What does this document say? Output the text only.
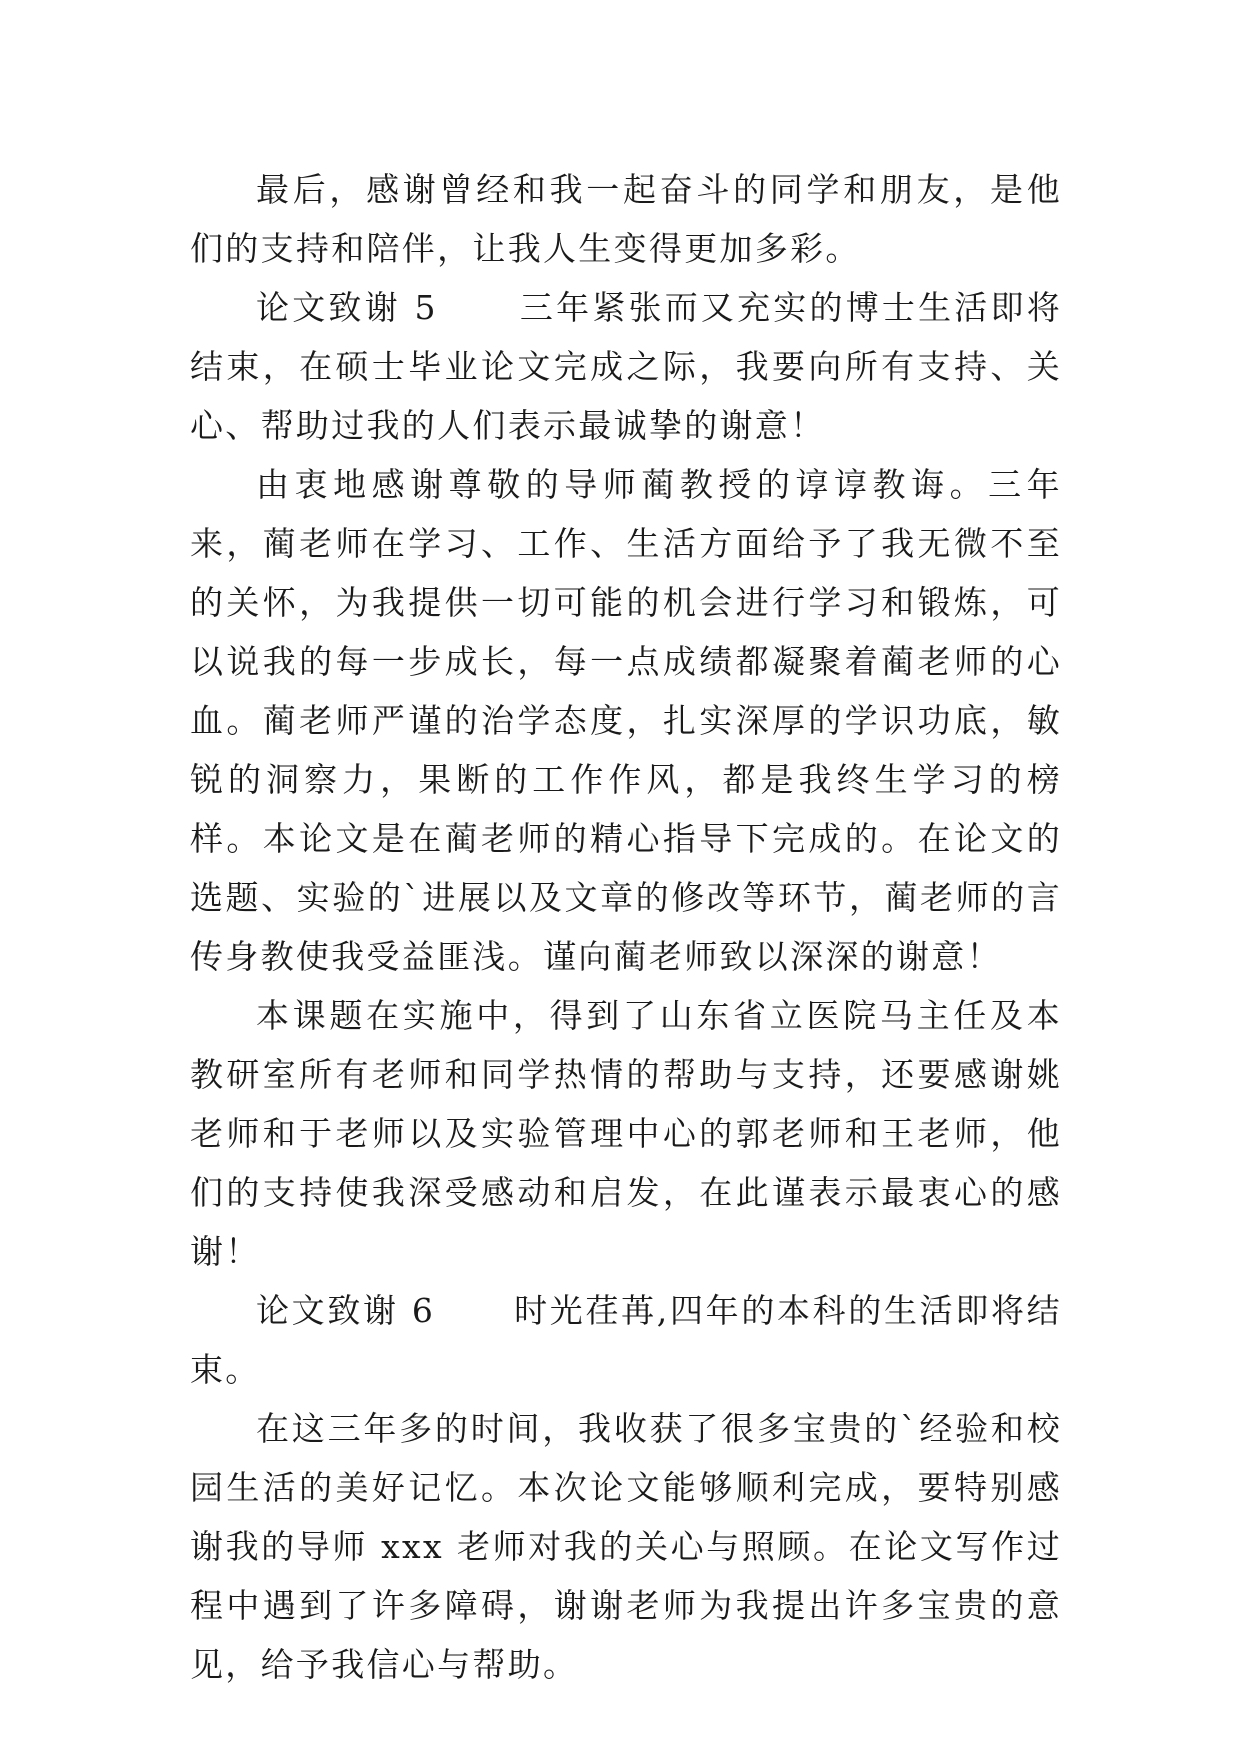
最后，感谢曾经和我一起奋斗的同学和朋友，是他们的支持和陪伴，让我人生变得更加多彩。

论文致谢 5 三年紧张而又充实的博士生活即将结束，在硕士毕业论文完成之际，我要向所有支持、关心、帮助过我的人们表示最诚挚的谢意！

由衷地感谢尊敬的导师蔺教授的谆谆教诲。三年来，蔺老师在学习、工作、生活方面给予了我无微不至的关怀，为我提供一切可能的机会进行学习和锻炼，可以说我的每一步成长，每一点成绩都凝聚着蔺老师的心血。蔺老师严谨的治学态度，扎实深厚的学识功底，敏锐的洞察力，果断的工作作风，都是我终生学习的榜样。本论文是在蔺老师的精心指导下完成的。在论文的选题、实验的`进展以及文章的修改等环节，蔺老师的言传身教使我受益匪浅。谨向蔺老师致以深深的谢意！

本课题在实施中，得到了山东省立医院马主任及本教研室所有老师和同学热情的帮助与支持，还要感谢姚老师和于老师以及实验管理中心的郭老师和王老师，他们的支持使我深受感动和启发，在此谨表示最衷心的感谢！

论文致谢 6 时光荏苒,四年的本科的生活即将结束。

在这三年多的时间，我收获了很多宝贵的`经验和校园生活的美好记忆。本次论文能够顺利完成，要特别感谢我的导师 xxx 老师对我的关心与照顾。在论文写作过程中遇到了许多障碍，谢谢老师为我提出许多宝贵的意见，给予我信心与帮助。
